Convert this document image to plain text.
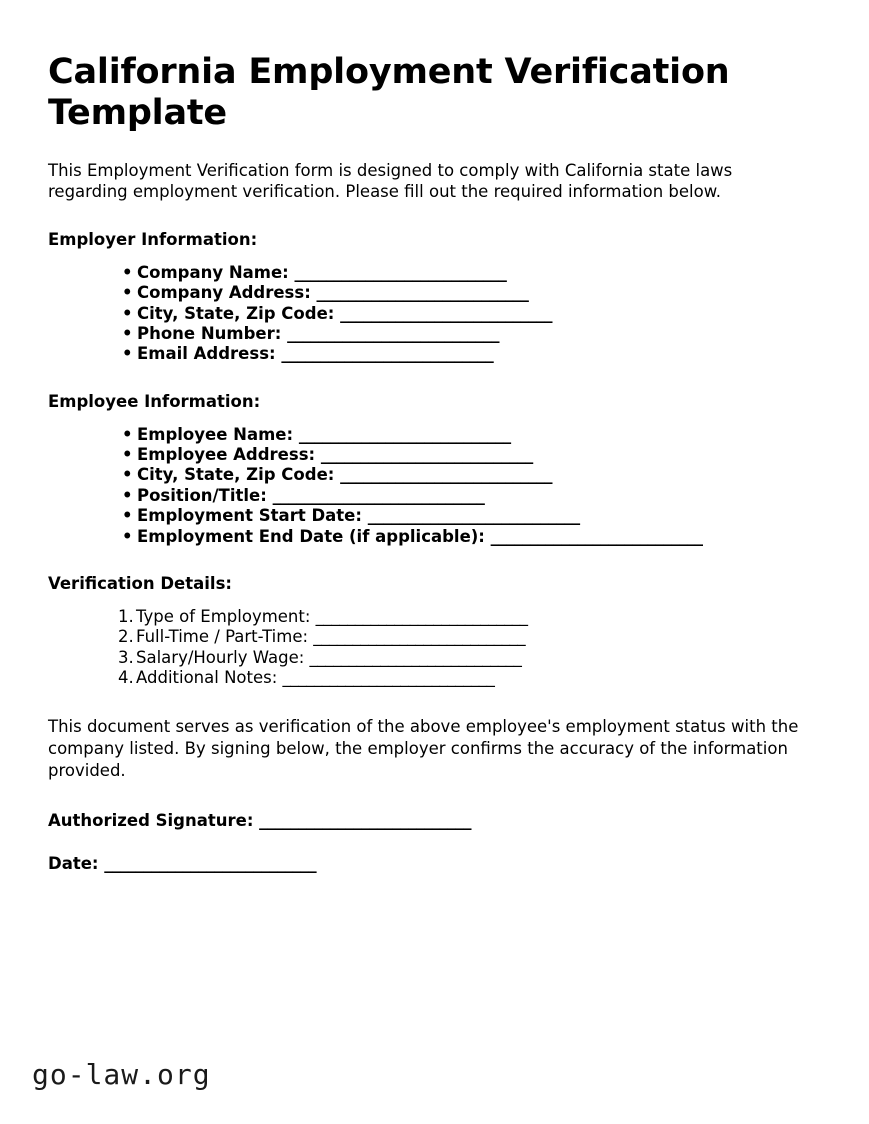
California Employment Verification Template

This Employment Verification form is designed to comply with California state laws regarding employment verification. Please fill out the required information below.

Employer Information:
• Company Name: ___________________________
• Company Address: ___________________________
• City, State, Zip Code: ___________________________
• Phone Number: ___________________________
• Email Address: ___________________________
Employee Information:
• Employee Name: ___________________________
• Employee Address: ___________________________
• City, State, Zip Code: ___________________________
• Position/Title: ___________________________
• Employment Start Date: ___________________________
• Employment End Date (if applicable): ___________________________
Verification Details:
Type of Employment: ___________________________
Full-Time / Part-Time: ___________________________
Salary/Hourly Wage: ___________________________
Additional Notes: ___________________________

This document serves as verification of the above employee's employment status with the company listed. By signing below, the employer confirms the accuracy of the information provided.

Authorized Signature: ___________________________

Date: ___________________________

go-law.org
